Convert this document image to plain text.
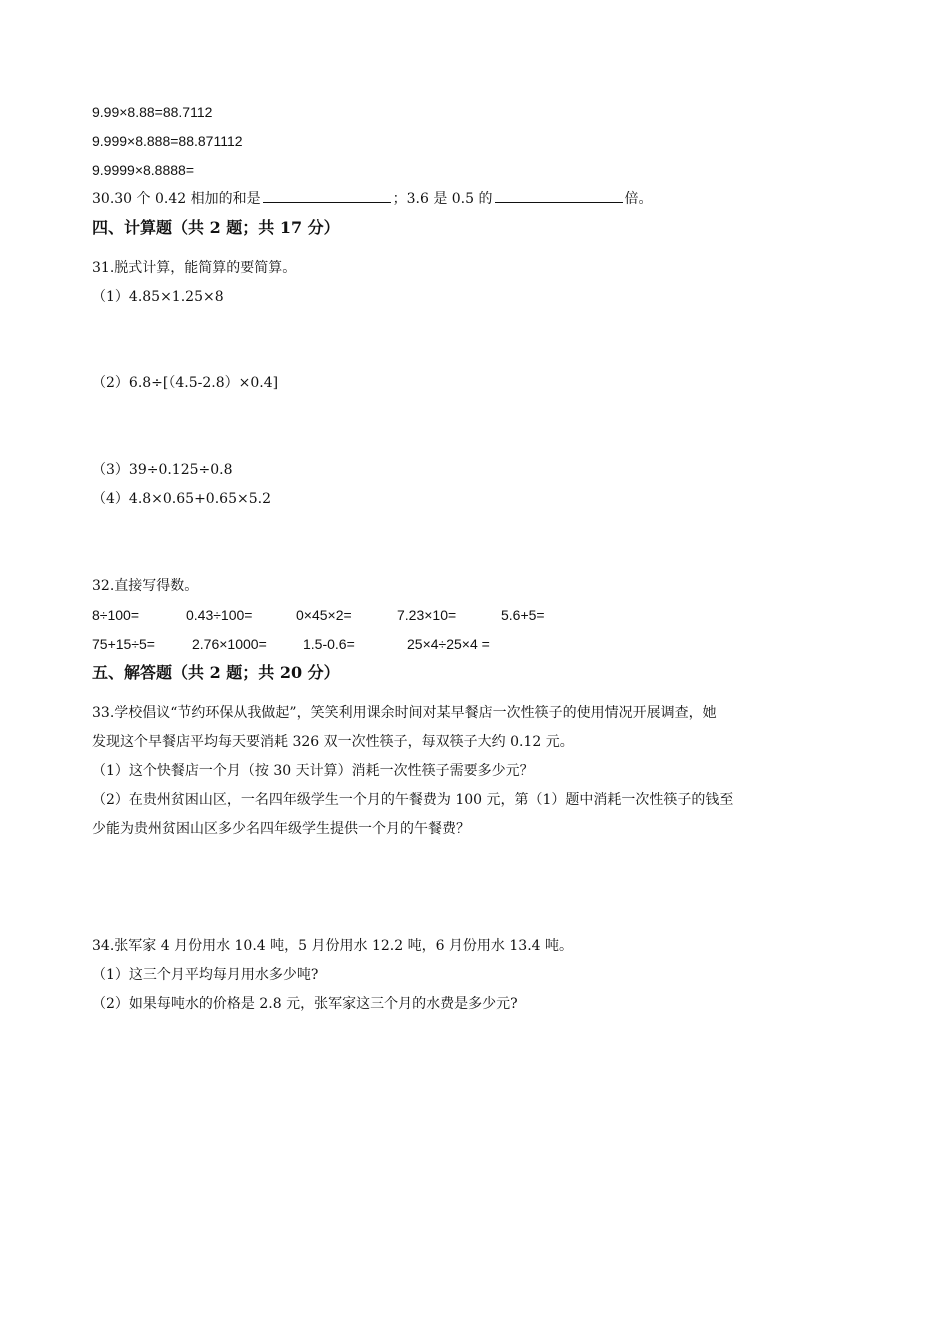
9.99×8.88=88.7112
9.999×8.888=88.871112
9.9999×8.8888=
30.30 个 0.42 相加的和是	；3.6 是 0.5 的	倍。
四、计算题（共 2 题；共 17 分）
31.脱式计算，能简算的要简算。
（1）4.85×1.25×8
（2）6.8÷[（4.5-2.8）×0.4]
（3）39÷0.125÷0.8
（4）4.8×0.65+0.65×5.2
32.直接写得数。
8÷100=	0.43÷100=	0×45×2=	7.23×10=	5.6+5=
75+15÷5=	2.76×1000=	1.5-0.6=	25×4÷25×4 =
五、解答题（共 2 题；共 20 分）
33.学校倡议“节约环保从我做起”，笑笑利用课余时间对某早餐店一次性筷子的使用情况开展调查，她
发现这个早餐店平均每天要消耗 326 双一次性筷子，每双筷子大约 0.12 元。
（1）这个快餐店一个月（按 30 天计算）消耗一次性筷子需要多少元？
（2）在贵州贫困山区，一名四年级学生一个月的午餐费为 100 元，第（1）题中消耗一次性筷子的钱至
少能为贵州贫困山区多少名四年级学生提供一个月的午餐费？
34.张军家 4 月份用水 10.4 吨，5 月份用水 12.2 吨，6 月份用水 13.4 吨。
（1）这三个月平均每月用水多少吨?
（2）如果每吨水的价格是 2.8 元，张军家这三个月的水费是多少元?
